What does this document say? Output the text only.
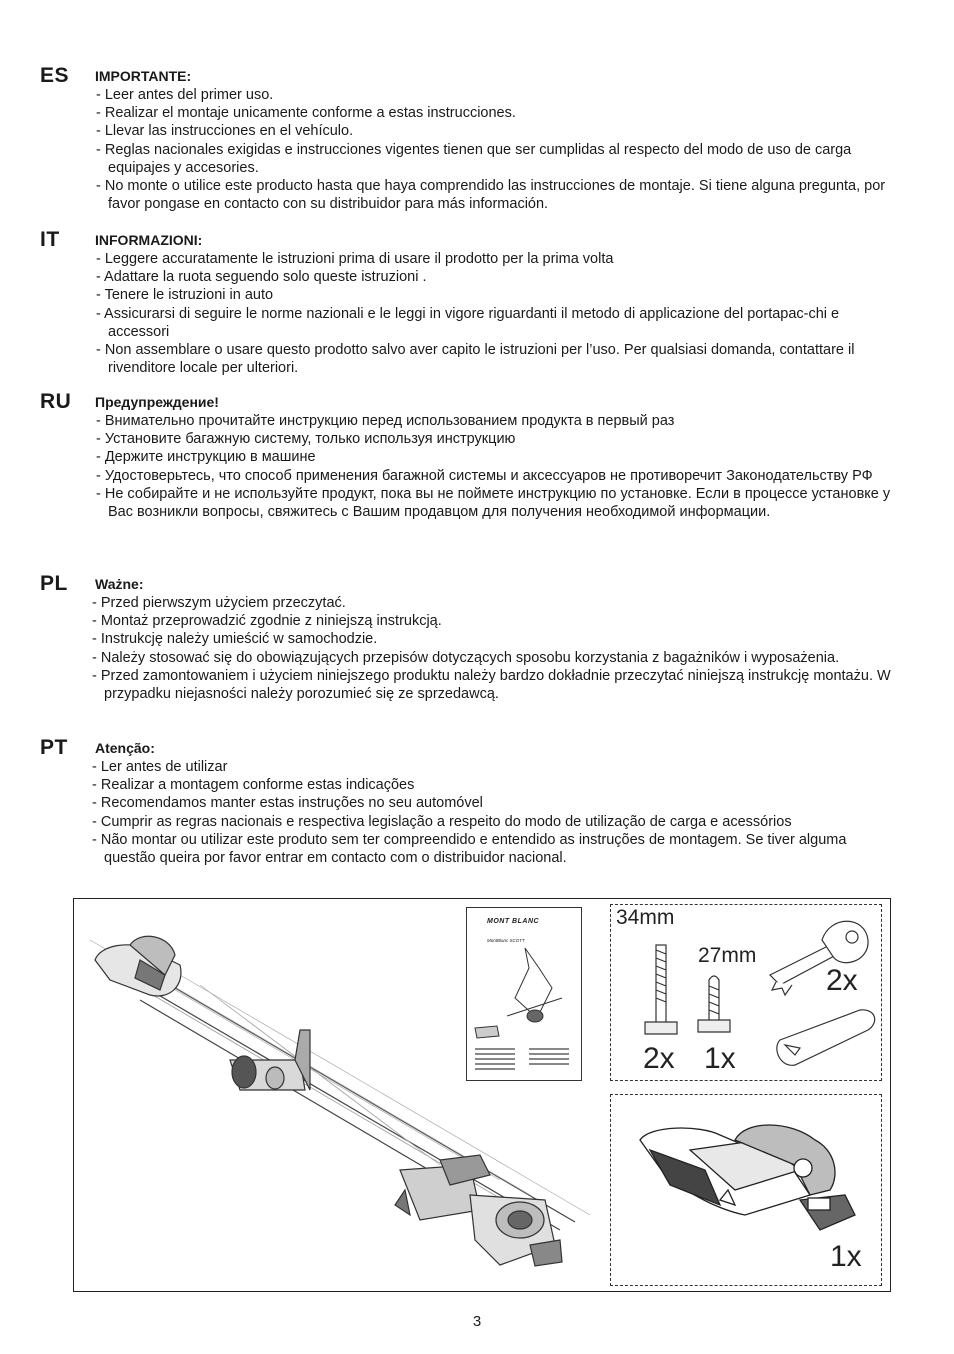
ES IMPORTANTE:
- Leer antes del primer uso.
- Realizar el montaje unicamente conforme a estas instrucciones.
- Llevar las instrucciones en el vehículo.
- Reglas nacionales exigidas e instrucciones vigentes tienen que ser cumplidas al respecto del modo de uso de carga equipajes y accesories.
- No monte o utilice este producto hasta que haya comprendido las instrucciones de montaje. Si tiene alguna pregunta, por favor pongase en contacto con su distribuidor para más información.
IT	INFORMAZIONI:
- Leggere accuratamente le istruzioni prima di usare il prodotto per la prima volta
- Adattare la ruota seguendo solo queste istruzioni .
- Tenere le istruzioni in auto
- Assicurarsi di seguire le norme nazionali e le leggi in vigore riguardanti il metodo di applicazione del portapac-chi e accessori
- Non assemblare o usare questo prodotto salvo aver capito le istruzioni per l’uso. Per qualsiasi domanda, contattare il rivenditore locale per ulteriori.
RU Предупреждение!
- Внимательно прочитайте инструкцию перед использованием продукта в первый раз
- Установите багажную систему, только используя инструкцию
- Держите инструкцию в машине
- Удостоверьтесь, что способ применения багажной системы и аксессуаров не противоречит Законодательству РФ
- Не собирайте и не используйте продукт, пока вы не поймете инструкцию по установке. Если в процессе установке у Вас возникли вопросы, свяжитесь с Вашим продавцом для получения необходимой информации.
PL Ważne:
- Przed pierwszym użyciem przeczytać.
- Montaż przeprowadzić zgodnie z niniejszą instrukcją.
- Instrukcję należy umieścić w samochodzie.
- Należy stosować się do obowiązujących przepisów dotyczących sposobu korzystania z bagażników i wyposażenia.
- Przed zamontowaniem i użyciem niniejszego produktu należy bardzo dokładnie przeczytać niniejszą instrukcję montażu. W przypadku niejasności należy porozumieć się ze sprzedawcą.
PT Atenção:
- Ler antes de utilizar
- Realizar a montagem conforme estas indicações
- Recomendamos manter estas instruções no seu automóvel
- Cumprir as regras nacionais e respectiva legislação a respeito do modo de utilização de carga e acessórios
- Não montar ou utilizar este produto sem ter compreendido e entendido as instruções de montagem. Se tiver alguma questão queira por favor entrar em contacto com o distribuidor nacional.
MONT BLANC
MontBlanc SCOTT
34mm
27mm
2x 1x
2x
1x
3
